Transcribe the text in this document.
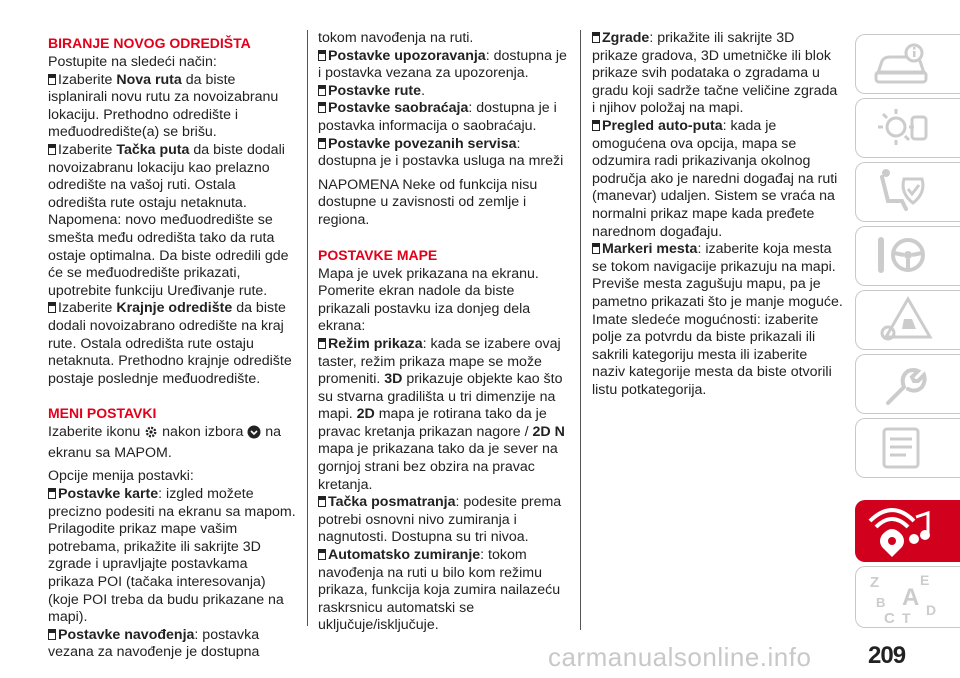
BIRANJE NOVOG ODREDIŠTA

Postupite na sledeći način:

Izaberite Nova ruta da biste isplanirali novu rutu za novoizabranu lokaciju. Prethodno odredište i međuodredište(a) se brišu.

Izaberite Tačka puta da biste dodali novoizabranu lokaciju kao prelazno odredište na vašoj ruti. Ostala odredišta rute ostaju netaknuta. Napomena: novo međuodredište se smešta među odredišta tako da ruta ostaje optimalna. Da biste odredili gde će se međuodredište prikazati, upotrebite funkciju Uređivanje rute.

Izaberite Krajnje odredište da biste dodali novoizabrano odredište na kraj rute. Ostala odredišta rute ostaju netaknuta. Prethodno krajnje odredište postaje poslednje međuodredište.

MENI POSTAVKI

Izaberite ikonu  nakon izbora  na ekranu sa MAPOM.

Opcije menija postavki:

Postavke karte: izgled možete precizno podesiti na ekranu sa mapom. Prilagodite prikaz mape vašim potrebama, prikažite ili sakrijte 3D zgrade i upravljajte postavkama prikaza POI (tačaka interesovanja) (koje POI treba da budu prikazane na mapi).

Postavke navođenja: postavka vezana za navođenje je dostupna

tokom navođenja na ruti.

Postavke upozoravanja: dostupna je i postavka vezana za upozorenja.

Postavke rute.

Postavke saobraćaja: dostupna je i postavka informacija o saobraćaju.

Postavke povezanih servisa: dostupna je i postavka usluga na mreži

NAPOMENA Neke od funkcija nisu dostupne u zavisnosti od zemlje i regiona.

POSTAVKE MAPE

Mapa je uvek prikazana na ekranu. Pomerite ekran nadole da biste prikazali postavku iza donjeg dela ekrana:

Režim prikaza: kada se izabere ovaj taster, režim prikaza mape se može promeniti. 3D prikazuje objekte kao što su stvarna gradilišta u tri dimenzije na mapi. 2D mapa je rotirana tako da je pravac kretanja prikazan nagore / 2D N mapa je prikazana tako da je sever na gornjoj strani bez obzira na pravac kretanja.

Tačka posmatranja: podesite prema potrebi osnovni nivo zumiranja i nagnutosti. Dostupna su tri nivoa.

Automatsko zumiranje: tokom navođenja na ruti u bilo kom režimu prikaza, funkcija koja zumira nailazeću raskrsnicu automatski se uključuje/isključuje.

Zgrade: prikažite ili sakrijte 3D prikaze gradova, 3D umetničke ili blok prikaze svih podataka o zgradama u gradu koji sadrže tačne veličine zgrada i njihov položaj na mapi.

Pregled auto-puta: kada je omogućena ova opcija, mapa se odzumira radi prikazivanja okolnog područja ako je naredni događaj na ruti (manevar) udaljen. Sistem se vraća na normalni prikaz mape kada pređete narednom događaju.

Markeri mesta: izaberite koja mesta se tokom navigacije prikazuju na mapi. Previše mesta zagušuju mapu, pa je pametno prikazati što je manje moguće. Imate sledeće mogućnosti: izaberite polje za potvrdu da biste prikazali ili sakrili kategoriju mesta ili izaberite naziv kategorije mesta da biste otvorili listu potkategorija.

Z	E
B A
C T D
carmanualsonline.info 209
